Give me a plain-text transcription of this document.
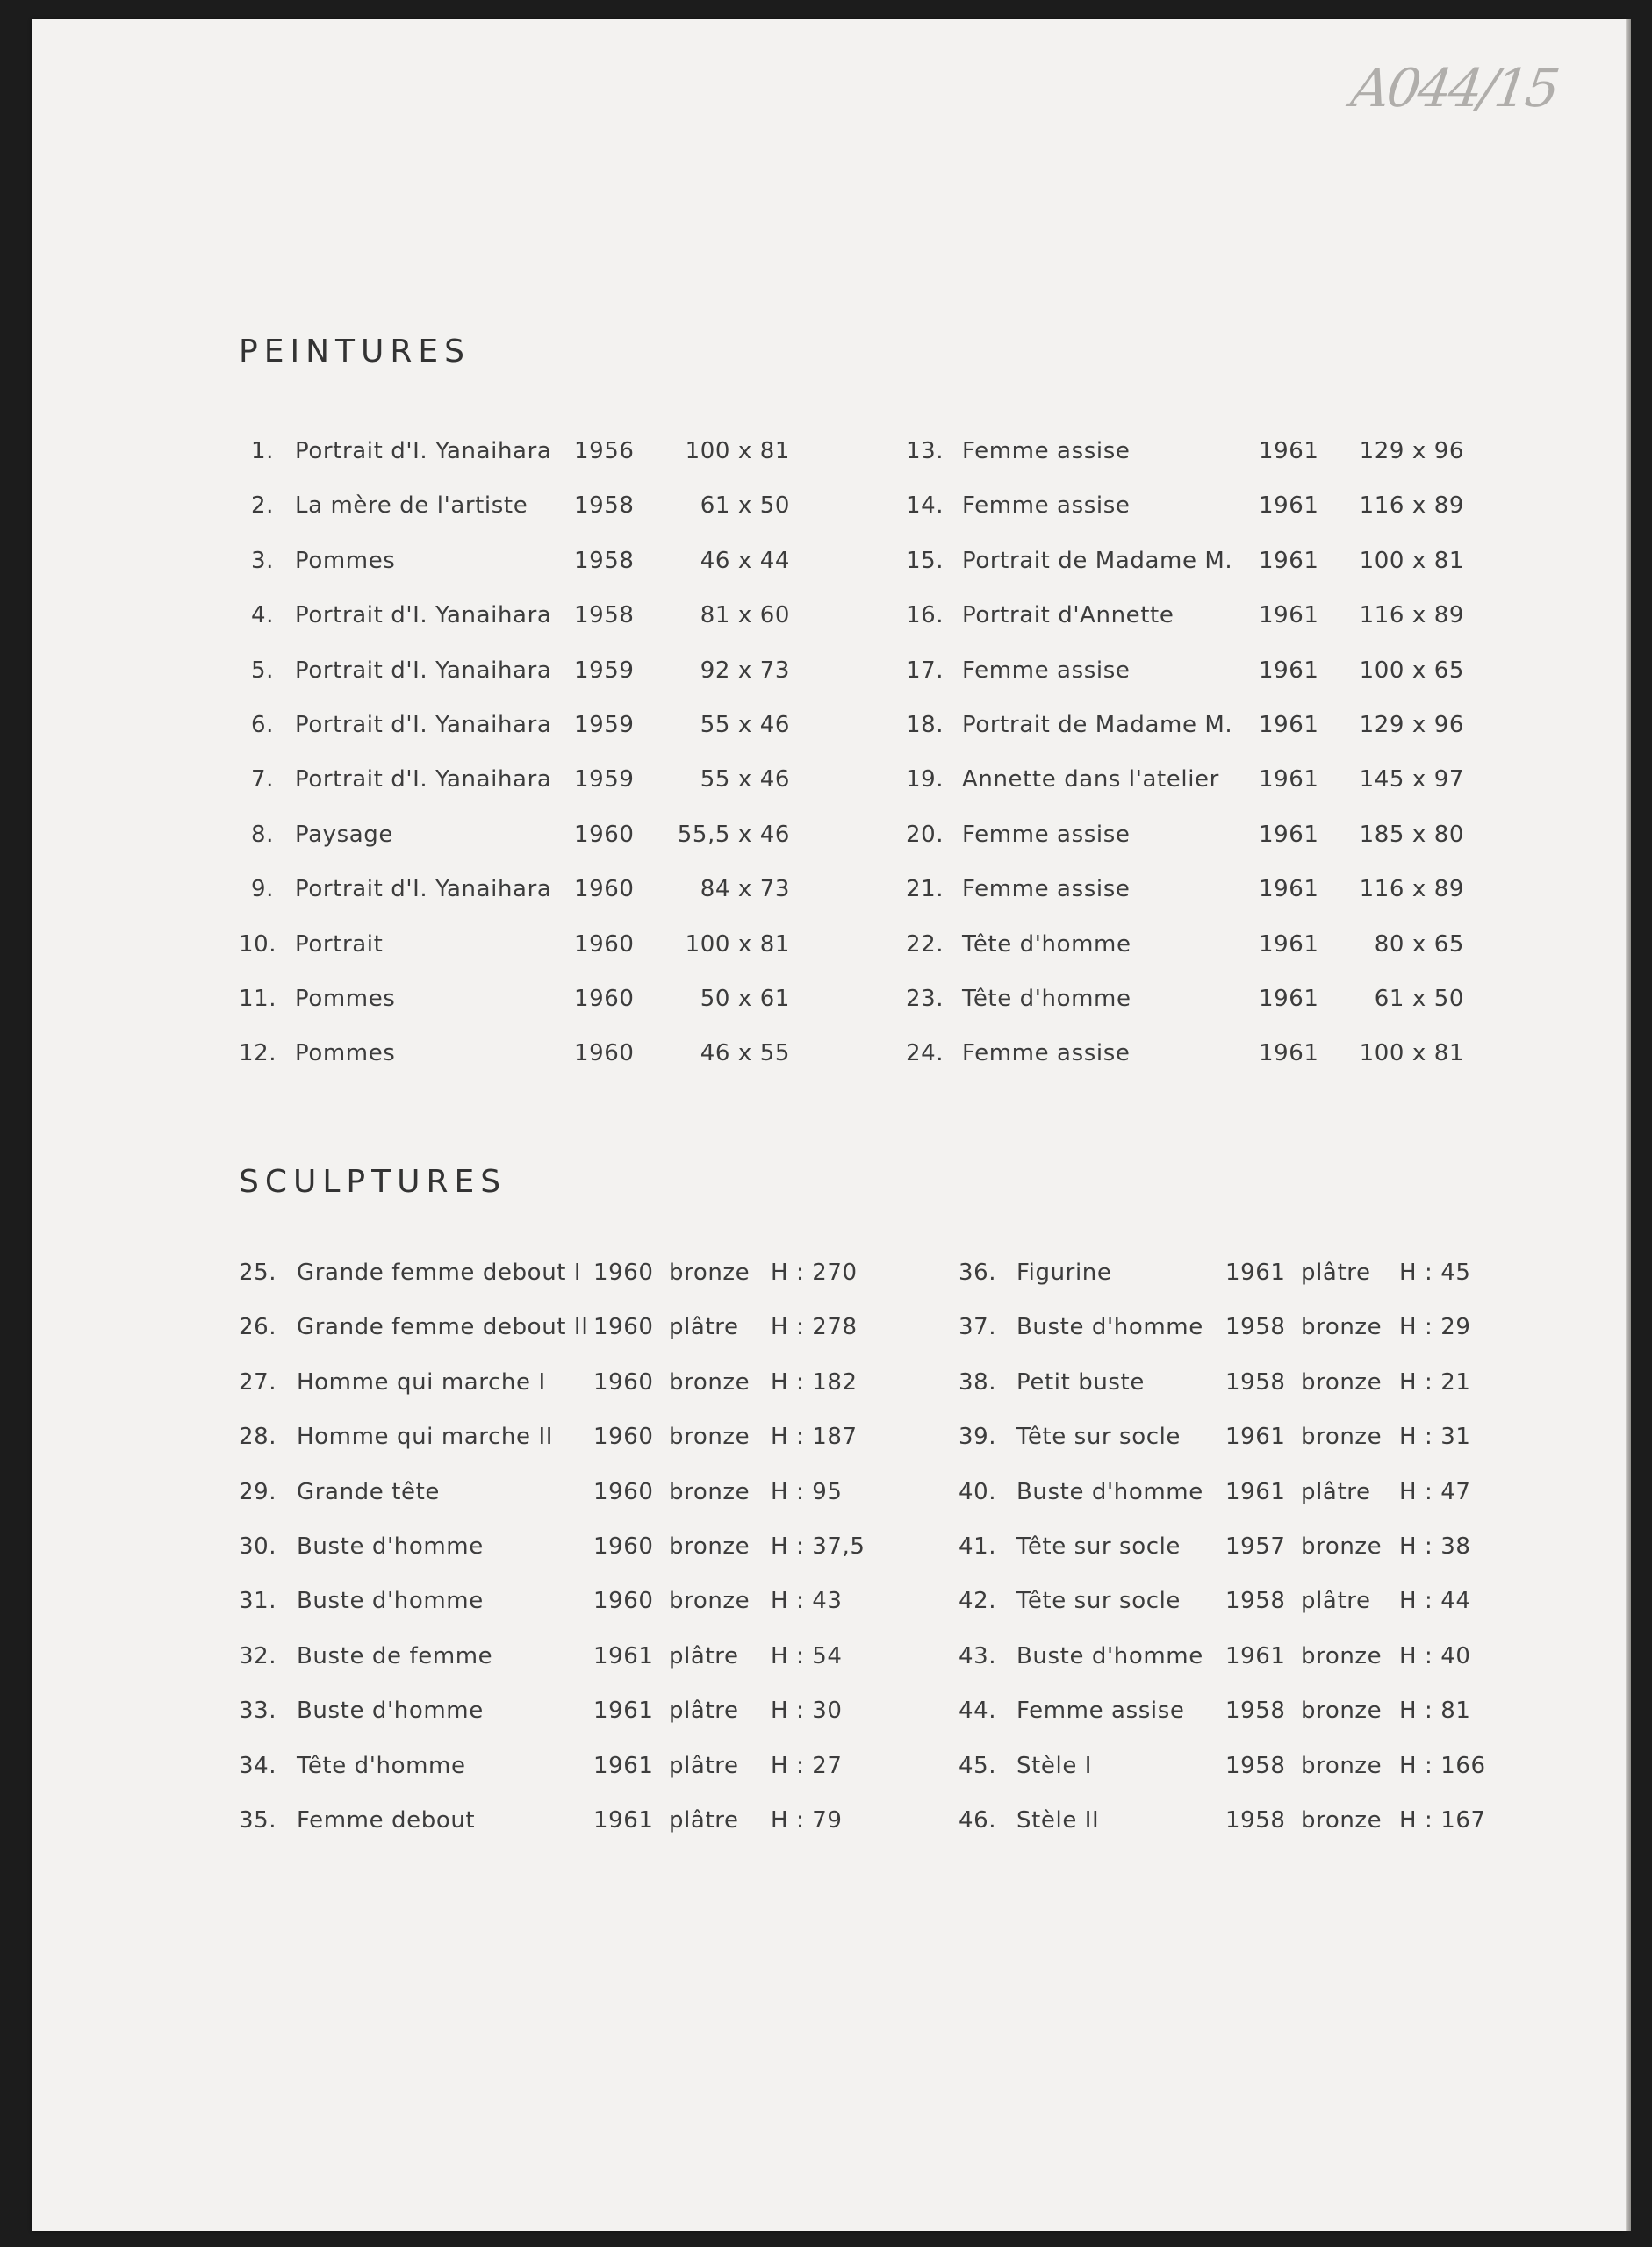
A044/15
PEINTURES
1. Portrait d'I. Yanaihara 1956	100 x 81
2. La mère de l'artiste 1958	61 x 50
3. Pommes	1958	46 x 44
4. Portrait d'I. Yanaihara 1958	81 x 60
5. Portrait d'I. Yanaihara 1959	92 x 73
6. Portrait d'I. Yanaihara 1959	55 x 46
7. Portrait d'I. Yanaihara 1959	55 x 46
8. Paysage	1960	55,5 x 46
9. Portrait d'I. Yanaihara 1960	84 x 73
10. Portrait	1960	100 x 81
11. Pommes	1960	50 x 61
12. Pommes	1960	46 x 55
13. Femme assise	1961	129 x 96
14. Femme assise	1961	116 x 89
15. Portrait de Madame M. 1961	100 x 81
16. Portrait d'Annette	1961	116 x 89
17. Femme assise	1961	100 x 65
18. Portrait de Madame M. 1961	129 x 96
19. Annette dans l'atelier 1961	145 x 97
20. Femme assise	1961	185 x 80
21. Femme assise	1961	116 x 89
22. Tête d'homme	1961	80 x 65
23. Tête d'homme	1961	61 x 50
24. Femme assise	1961	100 x 81
SCULPTURES
25. Grande femme debout I 1960 bronze H : 270
26. Grande femme debout II 1960 plâtre H : 278
27. Homme qui marche I 1960 bronze H : 182
28. Homme qui marche II 1960 bronze H : 187
29. Grande tête	1960 bronze H : 95
30. Buste d'homme	1960 bronze H : 37,5
31. Buste d'homme	1960 bronze H : 43
32. Buste de femme	1961 plâtre H : 54
33. Buste d'homme	1961 plâtre H : 30
34. Tête d'homme	1961 plâtre H : 27
35. Femme debout	1961 plâtre H : 79
36. Figurine	1961 plâtre H : 45
37. Buste d'homme 1958 bronze H : 29
38. Petit buste	1958 bronze H : 21
39. Tête sur socle 1961 bronze H : 31
40. Buste d'homme 1961 plâtre H : 47
41. Tête sur socle 1957 bronze H : 38
42. Tête sur socle 1958 plâtre H : 44
43. Buste d'homme 1961 bronze H : 40
44. Femme assise 1958 bronze H : 81
45. Stèle I	1958 bronze H : 166
46. Stèle II	1958 bronze H : 167
